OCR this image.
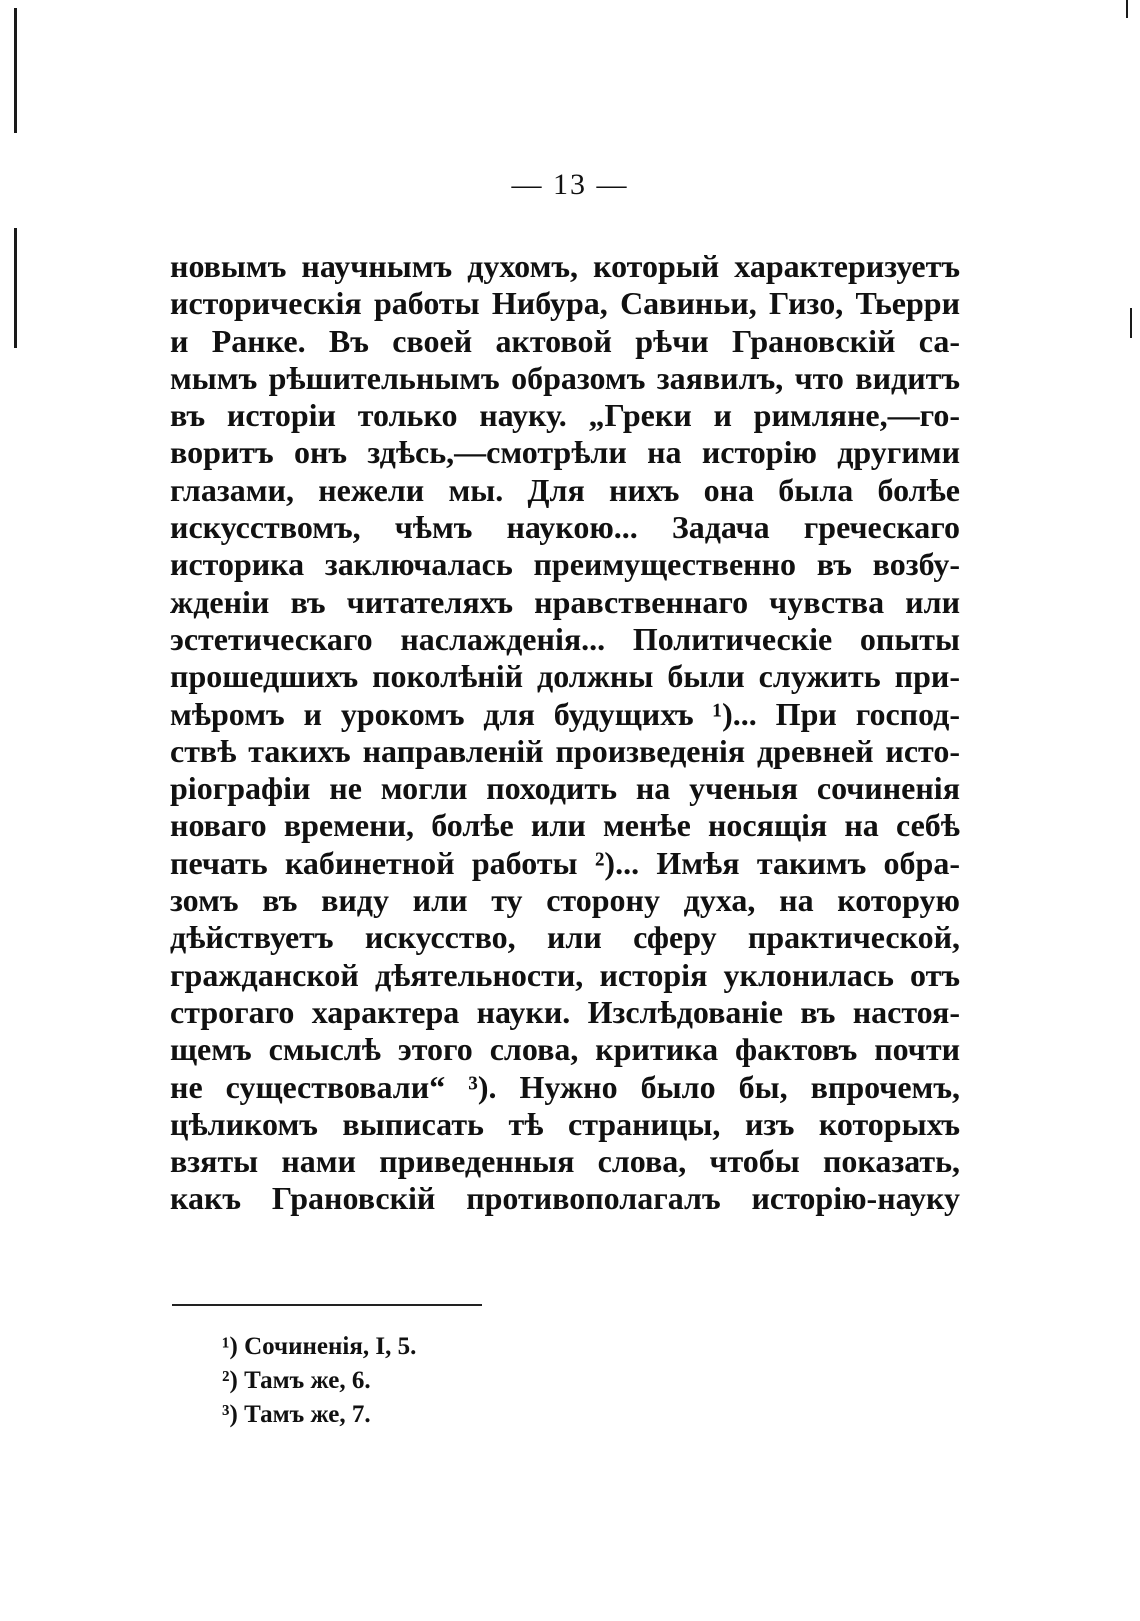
— 13 —
новымъ научнымъ духомъ, который характеризуетъ
историческія работы Нибура, Савиньи, Гизо, Тьерри
и Ранке. Въ своей актовой рѣчи Грановскій са-
мымъ рѣшительнымъ образомъ заявилъ, что видитъ
въ исторіи только науку. „Греки и римляне,—го-
воритъ онъ здѣсь,—смотрѣли на исторію другими
глазами, нежели мы. Для нихъ она была болѣе
искусствомъ, чѣмъ наукою... Задача греческаго
историка заключалась преимущественно въ возбу-
жденіи въ читателяхъ нравственнаго чувства или
эстетическаго наслажденія... Политическіе опыты
прошедшихъ поколѣній должны были служить при-
мѣромъ и урокомъ для будущихъ ¹)... При господ-
ствѣ такихъ направленій произведенія древней исто-
ріографіи не могли походить на ученыя сочиненія
новаго времени, болѣе или менѣе носящія на себѣ
печать кабинетной работы ²)... Имѣя такимъ обра-
зомъ въ виду или ту сторону духа, на которую
дѣйствуетъ искусство, или сферу практической,
гражданской дѣятельности, исторія уклонилась отъ
строгаго характера науки. Изслѣдованіе въ настоя-
щемъ смыслѣ этого слова, критика фактовъ почти
не существовали“ ³). Нужно было бы, впрочемъ,
цѣликомъ выписать тѣ страницы, изъ которыхъ
взяты нами приведенныя слова, чтобы показать,
какъ Грановскій противополагалъ исторію-науку
¹) Сочиненія, I, 5.
²) Тамъ же, 6.
³) Тамъ же, 7.
